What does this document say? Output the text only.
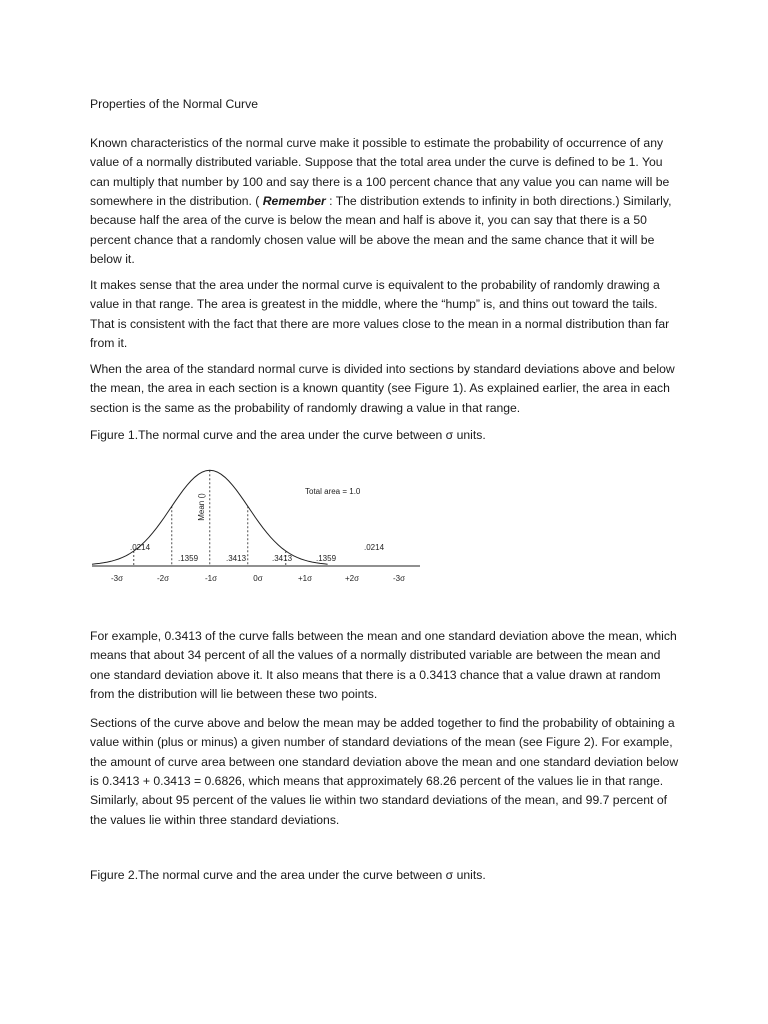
Properties of the Normal Curve

Known characteristics of the normal curve make it possible to estimate the probability of occurrence of any value of a normally distributed variable. Suppose that the total area under the curve is defined to be 1. You can multiply that number by 100 and say there is a 100 percent chance that any value you can name will be somewhere in the distribution. ( Remember : The distribution extends to infinity in both directions.) Similarly, because half the area of the curve is below the mean and half is above it, you can say that there is a 50 percent chance that a randomly chosen value will be above the mean and the same chance that it will be below it.

It makes sense that the area under the normal curve is equivalent to the probability of randomly drawing a value in that range. The area is greatest in the middle, where the “hump” is, and thins out toward the tails. That is consistent with the fact that there are more values close to the mean in a normal distribution than far from it.

When the area of the standard normal curve is divided into sections by standard deviations above and below the mean, the area in each section is a known quantity (see Figure 1). As explained earlier, the area in each section is the same as the probability of randomly drawing a value in that range.

Figure 1.The normal curve and the area under the curve between σ units.

Total area = 1.0
Mean ()
.0214
.1359	.3413	.3413	.1359
.0214
-3σ	-2σ	-1σ	0σ	+1σ	+2σ	-3σ

For example, 0.3413 of the curve falls between the mean and one standard deviation above the mean, which means that about 34 percent of all the values of a normally distributed variable are between the mean and one standard deviation above it. It also means that there is a 0.3413 chance that a value drawn at random from the distribution will lie between these two points.

Sections of the curve above and below the mean may be added together to find the probability of obtaining a value within (plus or minus) a given number of standard deviations of the mean (see Figure 2). For example, the amount of curve area between one standard deviation above the mean and one standard deviation below is 0.3413 + 0.3413 = 0.6826, which means that approximately 68.26 percent of the values lie in that range. Similarly, about 95 percent of the values lie within two standard deviations of the mean, and 99.7 percent of the values lie within three standard deviations.

Figure 2.The normal curve and the area under the curve between σ units.
